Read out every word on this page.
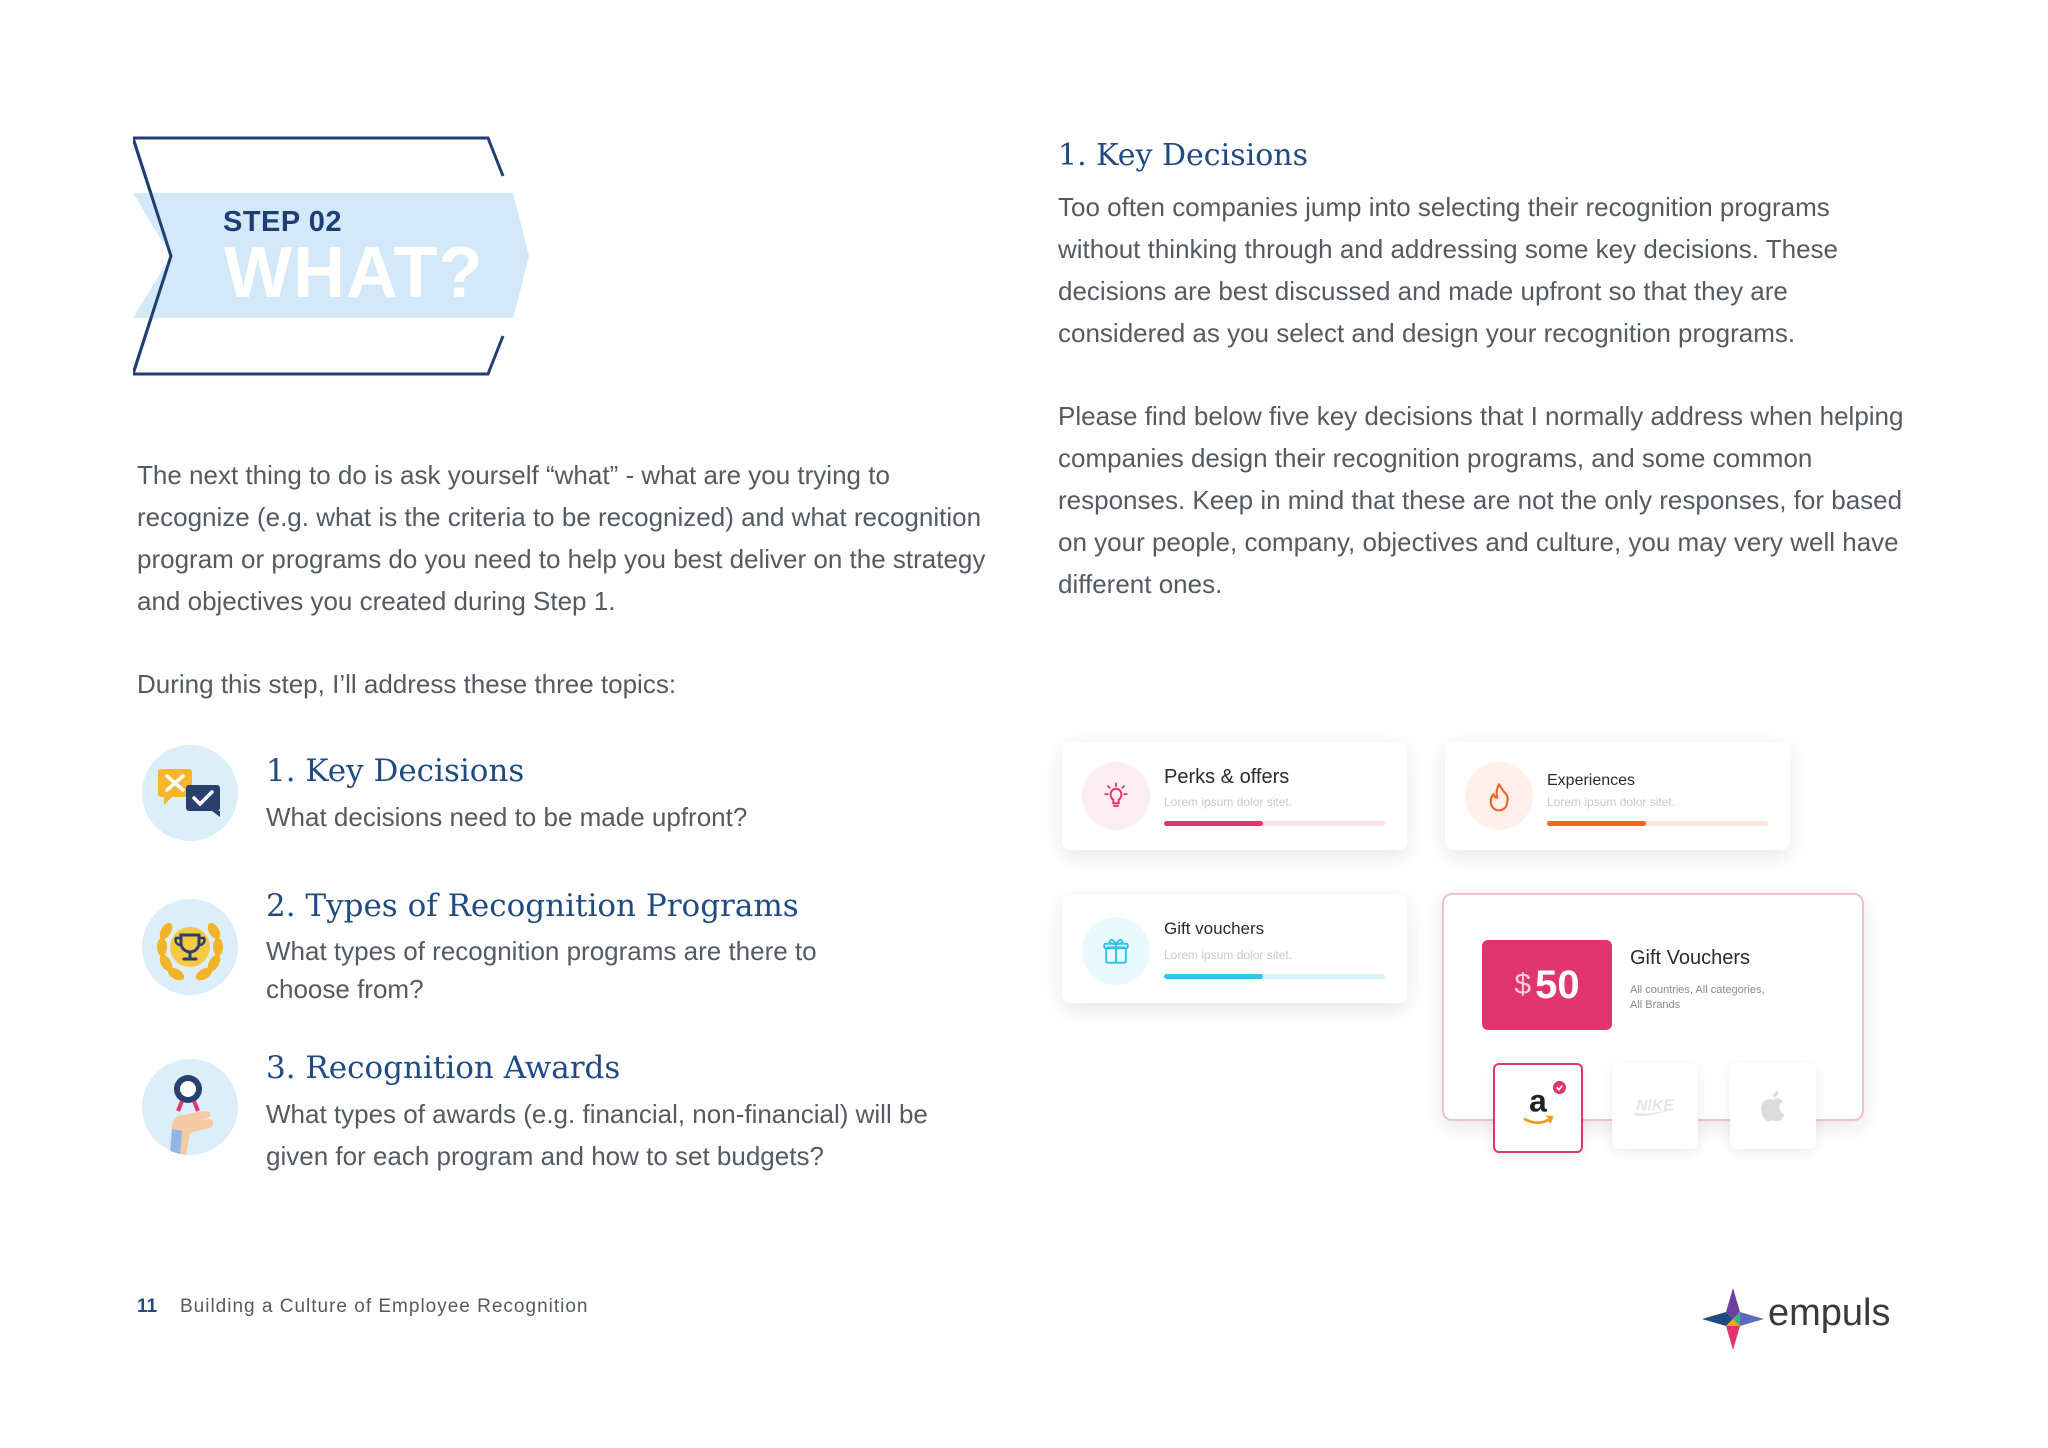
STEP 02
WHAT?
The next thing to do is ask yourself “what” - what are you trying to recognize (e.g. what is the criteria to be recognized) and what recognition program or programs do you need to help you best deliver on the strategy and objectives you created during Step 1.
During this step, I’ll address these three topics:
1. Key Decisions
What decisions need to be made upfront?
2. Types of Recognition Programs
What types of recognition programs are there to choose from?
3. Recognition Awards
What types of awards (e.g. financial, non-financial) will be given for each program and how to set budgets?
1. Key Decisions
Too often companies jump into selecting their recognition programs without thinking through and addressing some key decisions. These decisions are best discussed and made upfront so that they are considered as you select and design your recognition programs.
Please find below five key decisions that I normally address when helping companies design their recognition programs, and some common responses. Keep in mind that these are not the only responses, for based on your people, company, objectives and culture, you may very well have different ones.
Perks & offers
Lorem ipsum dolor sitet.
Experiences
Lorem ipsum dolor sitet.
Gift vouchers
Lorem ipsum dolor sitet.
$ 50
Gift Vouchers
All countries, All categories, All Brands
a	NIKE
11 Building a Culture of Employee Recognition	empuls
